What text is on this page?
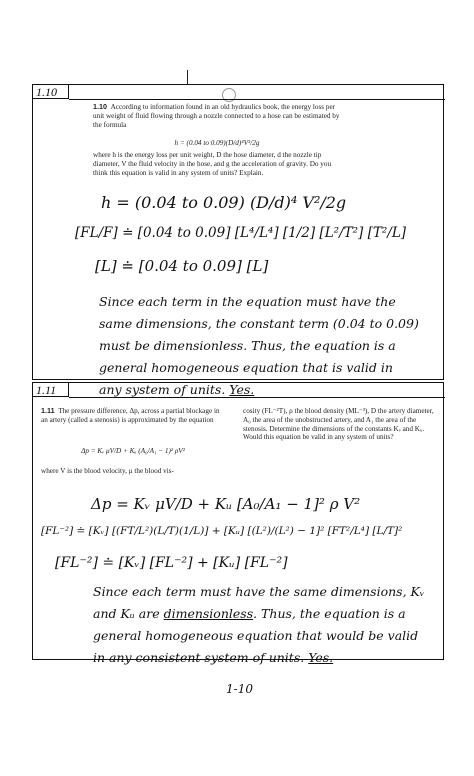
1.10
1.10 According to information found in an old hydraulics book, the energy loss per unit weight of fluid flowing through a nozzle connected to a hose can be estimated by the formula
h = (0.04 to 0.09)(D/d)⁴V²/2g
where h is the energy loss per unit weight, D the hose diameter, d the nozzle tip diameter, V the fluid velocity in the hose, and g the acceleration of gravity. Do you think this equation is valid in any system of units? Explain.
h = (0.04 to 0.09) (D/d)⁴ V²/2g
[FL/F] ≐ [0.04 to 0.09] [L⁴/L⁴] [1/2] [L²/T²] [T²/L]
[L] ≐ [0.04 to 0.09] [L]
Since each term in the equation must have the same dimensions, the constant term (0.04 to 0.09) must be dimensionless. Thus, the equation is a general homogeneous equation that is valid in any system of units. Yes.
1.11
1.11 The pressure difference, Δp, across a partial blockage in an artery (called a stenosis) is approximated by the equation
Δp = Kᵥ μV/D + Kᵤ (A₀/A₁ − 1)² ρV²
where V is the blood velocity, μ the blood vis-
cosity (FL⁻²T), ρ the blood density (ML⁻³), D the artery diameter, A₀ the area of the unobstructed artery, and A₁ the area of the stenosis. Determine the dimensions of the constants Kᵥ and Kᵤ. Would this equation be valid in any system of units?
Δp = Kᵥ μV/D + Kᵤ [A₀/A₁ − 1]² ρ V²
[FL⁻²] ≐ [Kᵥ] [(FT/L²)(L/T)(1/L)] + [Kᵤ] [(L²)/(L²) − 1]² [FT²/L⁴] [L/T]²
[FL⁻²] ≐ [Kᵥ] [FL⁻²] + [Kᵤ] [FL⁻²]
Since each term must have the same dimensions, Kᵥ and Kᵤ are dimensionless. Thus, the equation is a general homogeneous equation that would be valid in any consistent system of units. Yes.
1-10
